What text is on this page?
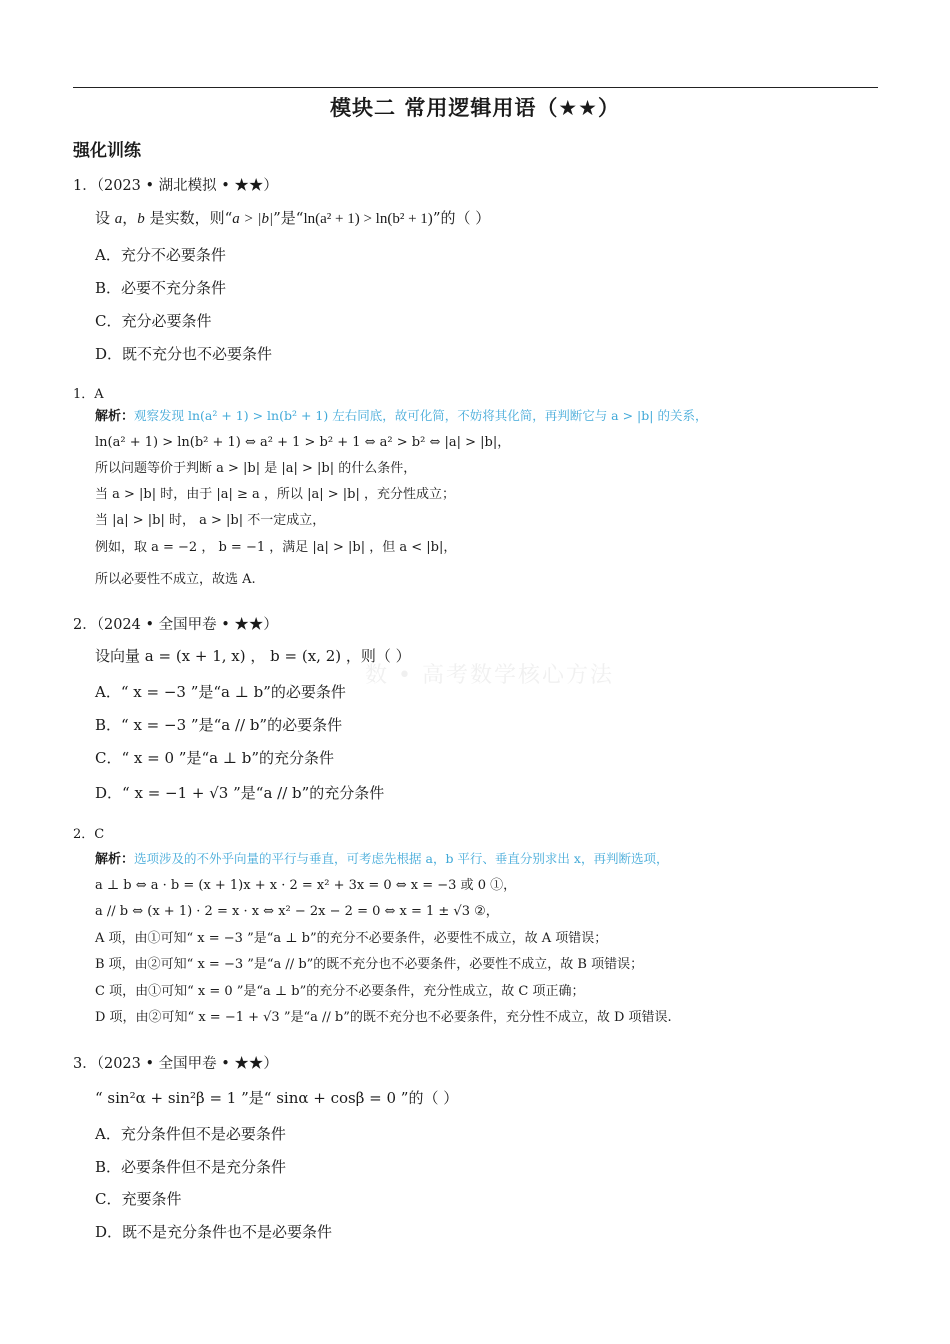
模块二 常用逻辑用语（★★）
强化训练
数 • 高考数学核心方法
1．（2023 • 湖北模拟 • ★★）
设 a，b 是实数，则“a > |b|”是“ln(a² + 1) > ln(b² + 1)”的（ ）
A．充分不必要条件
B．必要不充分条件
C．充分必要条件
D．既不充分也不必要条件
1．A
解析：观察发现 ln(a² + 1) > ln(b² + 1) 左右同底，故可化简，不妨将其化简，再判断它与 a > |b| 的关系，
ln(a² + 1) > ln(b² + 1) ⇔ a² + 1 > b² + 1 ⇔ a² > b² ⇔ |a| > |b|，
所以问题等价于判断 a > |b| 是 |a| > |b| 的什么条件，
当 a > |b| 时，由于 |a| ≥ a ，所以 |a| > |b| ，充分性成立；
当 |a| > |b| 时， a > |b| 不一定成立，
例如，取 a = −2 ， b = −1 ，满足 |a| > |b| ，但 a < |b|，
所以必要性不成立，故选 A.
2．（2024 • 全国甲卷 • ★★）
设向量 a = (x + 1, x) ， b = (x, 2) ，则（ ）
A．“ x = −3 ”是“a ⊥ b”的必要条件
B．“ x = −3 ”是“a // b”的必要条件
C．“ x = 0 ”是“a ⊥ b”的充分条件
D．“ x = −1 + √3 ”是“a // b”的充分条件
2．C
解析：选项涉及的不外乎向量的平行与垂直，可考虑先根据 a，b 平行、垂直分别求出 x，再判断选项，
a ⊥ b ⇔ a · b = (x + 1)x + x · 2 = x² + 3x = 0 ⇔ x = −3 或 0 ①，
a // b ⇔ (x + 1) · 2 = x · x ⇔ x² − 2x − 2 = 0 ⇔ x = 1 ± √3 ②，
A 项，由①可知“ x = −3 ”是“a ⊥ b”的充分不必要条件，必要性不成立，故 A 项错误；
B 项，由②可知“ x = −3 ”是“a // b”的既不充分也不必要条件，必要性不成立，故 B 项错误；
C 项，由①可知“ x = 0 ”是“a ⊥ b”的充分不必要条件，充分性成立，故 C 项正确；
D 项，由②可知“ x = −1 + √3 ”是“a // b”的既不充分也不必要条件，充分性不成立，故 D 项错误.
3．（2023 • 全国甲卷 • ★★）
“ sin²α + sin²β = 1 ”是“ sinα + cosβ = 0 ”的（ ）
A．充分条件但不是必要条件
B．必要条件但不是充分条件
C．充要条件
D．既不是充分条件也不是必要条件
